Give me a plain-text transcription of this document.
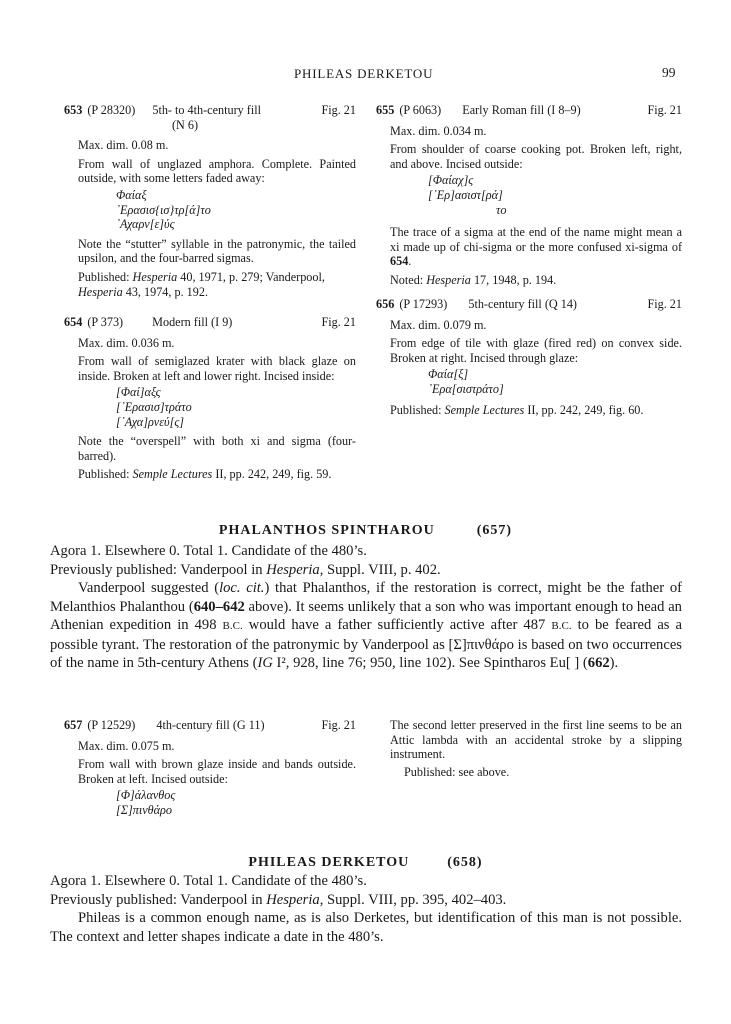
PHILEAS DERKETOU	99
653 (P 28320) 5th- to 4th-century fill	Fig. 21
(N 6)

Max. dim. 0.08 m.

From wall of unglazed amphora. Complete. Painted outside, with some letters faded away:

Φαίαξ
᾽Ερασισ{ισ}τρ[ά]το
᾽Αχαρν[ε]ύς

Note the “stutter” syllable in the patronymic, the tailed upsilon, and the four-barred sigmas.

Published: Hesperia 40, 1971, p. 279; Vanderpool, Hesperia 43, 1974, p. 192.

654 (P 373) Modern fill (I 9)	Fig. 21

Max. dim. 0.036 m.

From wall of semiglazed krater with black glaze on inside. Broken at left and lower right. Incised inside:

[Φαί]αξς
[᾽Ερασισ]τράτο
[᾽Αχα]ρνεύ[ς]

Note the “overspell” with both xi and sigma (four-barred).

Published: Semple Lectures II, pp. 242, 249, fig. 59.

655 (P 6063) Early Roman fill (I 8–9)	Fig. 21

Max. dim. 0.034 m.

From shoulder of coarse cooking pot. Broken left, right, and above. Incised outside:

[Φαίαχ]ς
[᾽Ερ]ασιστ[ρά]
το

The trace of a sigma at the end of the name might mean a xi made up of chi-sigma or the more confused xi-sigma of 654.

Noted: Hesperia 17, 1948, p. 194.

656 (P 17293) 5th-century fill (Q 14)	Fig. 21

Max. dim. 0.079 m.

From edge of tile with glaze (fired red) on convex side. Broken at right. Incised through glaze:

Φαία[ξ]
᾽Ερα[σιστράτο]

Published: Semple Lectures II, pp. 242, 249, fig. 60.

PHALANTHOS SPINTHAROU	(657)

Agora 1. Elsewhere 0. Total 1. Candidate of the 480’s.

Previously published: Vanderpool in Hesperia, Suppl. VIII, p. 402.

Vanderpool suggested (loc. cit.) that Phalanthos, if the restoration is correct, might be the father of Melanthios Phalanthou (640–642 above). It seems unlikely that a son who was important enough to head an Athenian expedition in 498 B.C. would have a father sufficiently active after 487 B.C. to be feared as a possible tyrant. The restoration of the patronymic by Vanderpool as [Σ]πινθάρο is based on two occurrences of the name in 5th-century Athens (IG I², 928, line 76; 950, line 102). See Spintharos Eu[ ] (662).

657 (P 12529) 4th-century fill (G 11)	Fig. 21

Max. dim. 0.075 m.

From wall with brown glaze inside and bands outside. Broken at left. Incised outside:

[Φ]άλανθος
[Σ]πινθάρο

The second letter preserved in the first line seems to be an Attic lambda with an accidental stroke by a slipping instrument.

Published: see above.

PHILEAS DERKETOU	(658)

Agora 1. Elsewhere 0. Total 1. Candidate of the 480’s.

Previously published: Vanderpool in Hesperia, Suppl. VIII, pp. 395, 402–403.

Phileas is a common enough name, as is also Derketes, but identification of this man is not possible. The context and letter shapes indicate a date in the 480’s.
